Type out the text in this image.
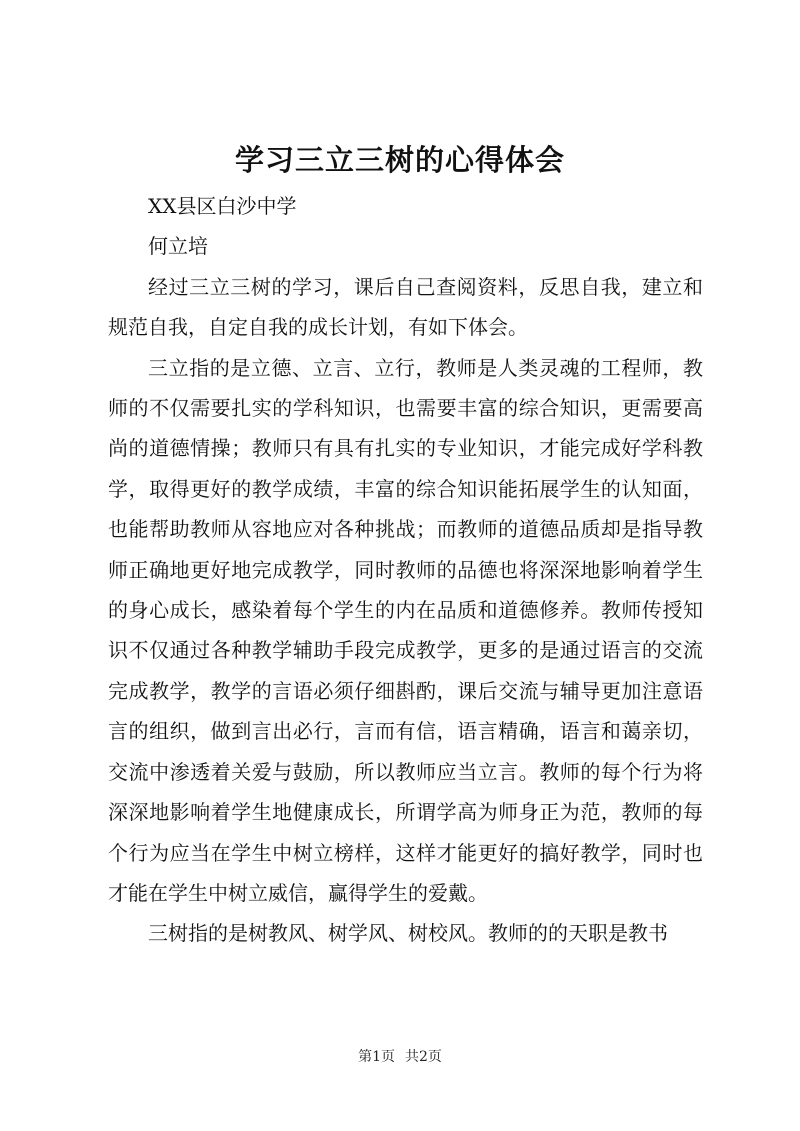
学习三立三树的心得体会

XX县区白沙中学

何立培

经过三立三树的学习，课后自己查阅资料，反思自我，建立和规范自我，自定自我的成长计划，有如下体会。

三立指的是立德、立言、立行，教师是人类灵魂的工程师，教师的不仅需要扎实的学科知识，也需要丰富的综合知识，更需要高尚的道德情操；教师只有具有扎实的专业知识，才能完成好学科教学，取得更好的教学成绩，丰富的综合知识能拓展学生的认知面，也能帮助教师从容地应对各种挑战；而教师的道德品质却是指导教师正确地更好地完成教学，同时教师的品德也将深深地影响着学生的身心成长，感染着每个学生的内在品质和道德修养。教师传授知识不仅通过各种教学辅助手段完成教学，更多的是通过语言的交流完成教学，教学的言语必须仔细斟酌，课后交流与辅导更加注意语言的组织，做到言出必行，言而有信，语言精确，语言和蔼亲切，交流中渗透着关爱与鼓励，所以教师应当立言。教师的每个行为将深深地影响着学生地健康成长，所谓学高为师身正为范，教师的每个行为应当在学生中树立榜样，这样才能更好的搞好教学，同时也才能在学生中树立威信，赢得学生的爱戴。

三树指的是树教风、树学风、树校风。教师的的天职是教书

第1页 共2页
